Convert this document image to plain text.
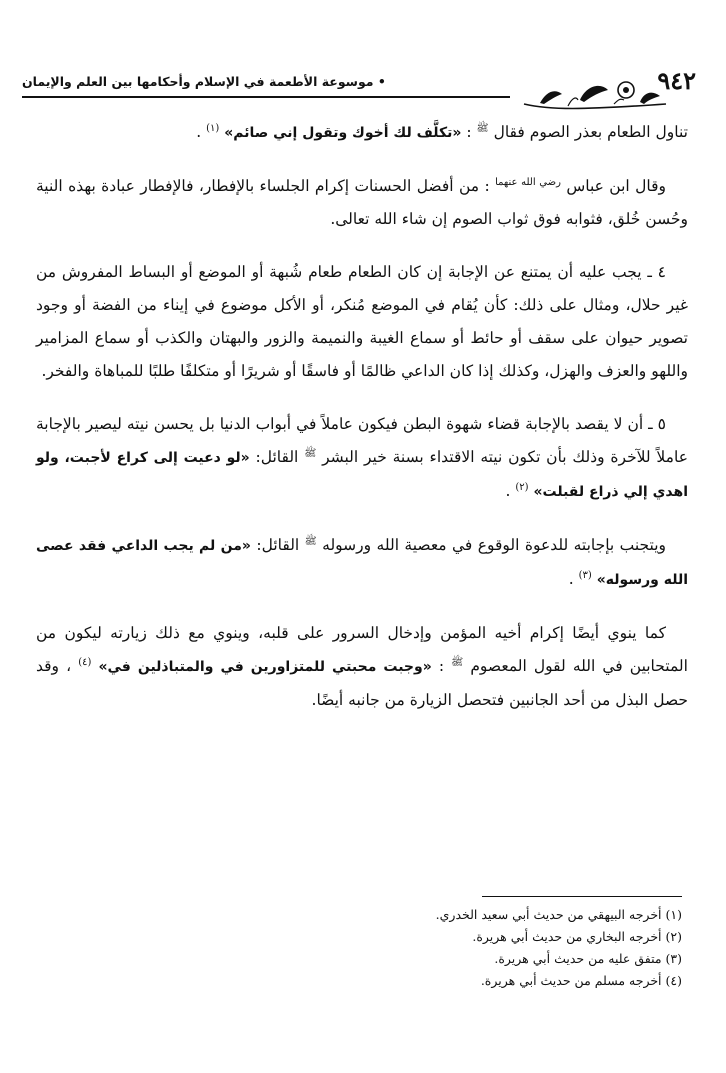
٩٤٢
• موسوعة الأطعمة في الإسلام وأحكامها بين العلم والإيمان

تناول الطعام بعذر الصوم فقال $^ﷺ$ : «تكلَّف لك أخوك وتقول إني صائم» $^{(١)}$ .

وقال ابن عباس $^{رضي الله عنهما}$ : من أفضل الحسنات إكرام الجلساء بالإفطار، فالإفطار عبادة بهذه النية وحُسن خُلق، فثوابه فوق ثواب الصوم إن شاء الله تعالى.

٤ ـ يجب عليه أن يمتنع عن الإجابة إن كان الطعام طعام شُبهة أو الموضع أو البساط المفروش من غير حلال، ومثال على ذلك: كأن يُقام في الموضع مُنكر، أو الأكل موضوع في إيناء من الفضة أو وجود تصوير حيوان على سقف أو حائط أو سماع الغيبة والنميمة والزور والبهتان والكذب أو سماع المزامير واللهو والعزف والهزل، وكذلك إذا كان الداعي ظالمًا أو فاسقًا أو شريرًا أو متكلفًا طلبًا للمباهاة والفخر.

٥ ـ أن لا يقصد بالإجابة قضاء شهوة البطن فيكون عاملاً في أبواب الدنيا بل يحسن نيته ليصير بالإجابة عاملاً للآخرة وذلك بأن تكون نيته الاقتداء بسنة خير البشر $^ﷺ$ القائل: «لو دعيت إلى كراع لأجبت، ولو اهدي إلي ذراع لقبلت» $^{(٢)}$ .

ويتجنب بإجابته للدعوة الوقوع في معصية الله ورسوله $^ﷺ$ القائل: «من لم يجب الداعي فقد عصى الله ورسوله» $^{(٣)}$ .

كما ينوي أيضًا إكرام أخيه المؤمن وإدخال السرور على قلبه، وينوي مع ذلك زيارته ليكون من المتحابين في الله لقول المعصوم $^ﷺ$ : «وجبت محبتي للمتزاورين في والمتباذلين في» $^{(٤)}$ ، وقد حصل البذل من أحد الجانبين فتحصل الزيارة من جانبه أيضًا.

(١) أخرجه البيهقي من حديث أبي سعيد الخدري.
(٢) أخرجه البخاري من حديث أبي هريرة.
(٣) متفق عليه من حديث أبي هريرة.
(٤) أخرجه مسلم من حديث أبي هريرة.
